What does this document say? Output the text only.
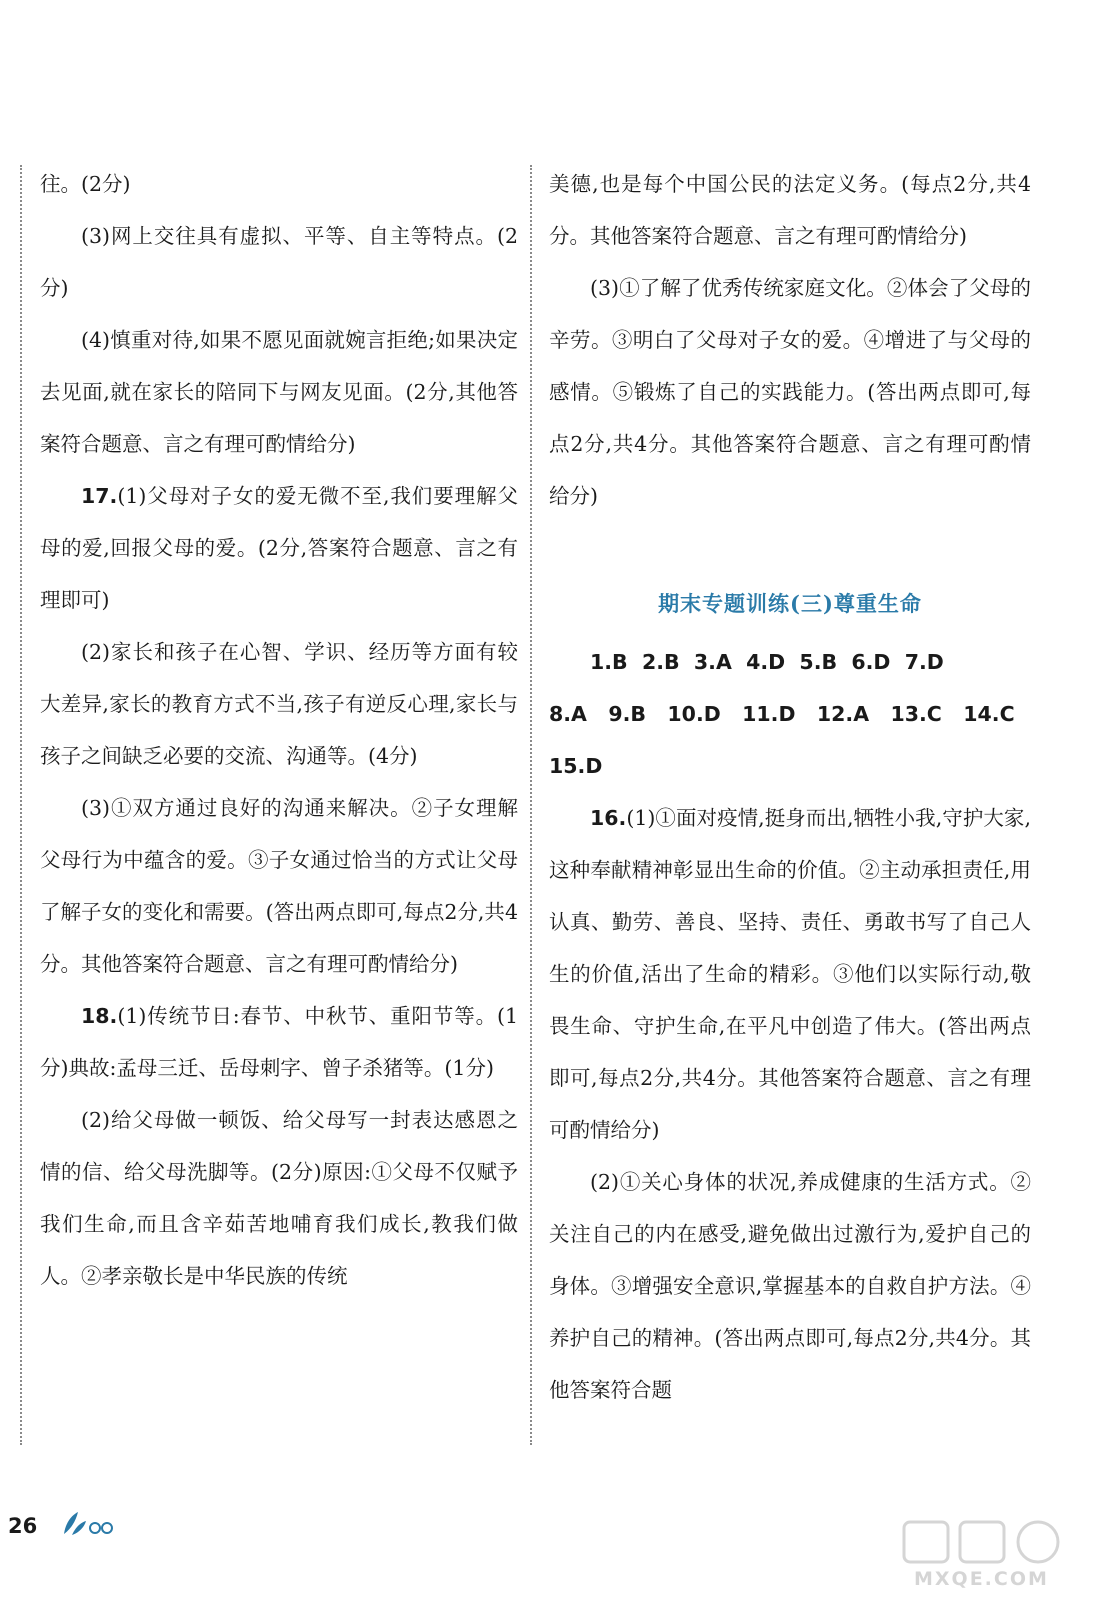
往。(2分)

(3)网上交往具有虚拟、平等、自主等特点。(2分)

(4)慎重对待,如果不愿见面就婉言拒绝;如果决定去见面,就在家长的陪同下与网友见面。(2分,其他答案符合题意、言之有理可酌情给分)

17.(1)父母对子女的爱无微不至,我们要理解父母的爱,回报父母的爱。(2分,答案符合题意、言之有理即可)

(2)家长和孩子在心智、学识、经历等方面有较大差异,家长的教育方式不当,孩子有逆反心理,家长与孩子之间缺乏必要的交流、沟通等。(4分)

(3)①双方通过良好的沟通来解决。②子女理解父母行为中蕴含的爱。③子女通过恰当的方式让父母了解子女的变化和需要。(答出两点即可,每点2分,共4分。其他答案符合题意、言之有理可酌情给分)

18.(1)传统节日:春节、中秋节、重阳节等。(1分)典故:孟母三迁、岳母刺字、曾子杀猪等。(1分)

(2)给父母做一顿饭、给父母写一封表达感恩之情的信、给父母洗脚等。(2分)原因:①父母不仅赋予我们生命,而且含辛茹苦地哺育我们成长,教我们做人。②孝亲敬长是中华民族的传统

美德,也是每个中国公民的法定义务。(每点2分,共4分。其他答案符合题意、言之有理可酌情给分)

(3)①了解了优秀传统家庭文化。②体会了父母的辛劳。③明白了父母对子女的爱。④增进了与父母的感情。⑤锻炼了自己的实践能力。(答出两点即可,每点2分,共4分。其他答案符合题意、言之有理可酌情给分)

期末专题训练(三)尊重生命

1.B  2.B  3.A  4.D  5.B  6.D  7.D

8.A   9.B   10.D   11.D   12.A   13.C   14.C

15.D

16.(1)①面对疫情,挺身而出,牺牲小我,守护大家,这种奉献精神彰显出生命的价值。②主动承担责任,用认真、勤劳、善良、坚持、责任、勇敢书写了自己人生的价值,活出了生命的精彩。③他们以实际行动,敬畏生命、守护生命,在平凡中创造了伟大。(答出两点即可,每点2分,共4分。其他答案符合题意、言之有理可酌情给分)

(2)①关心身体的状况,养成健康的生活方式。②关注自己的内在感受,避免做出过激行为,爱护自己的身体。③增强安全意识,掌握基本的自救自护方法。④养护自己的精神。(答出两点即可,每点2分,共4分。其他答案符合题

26
MXQE.COM
